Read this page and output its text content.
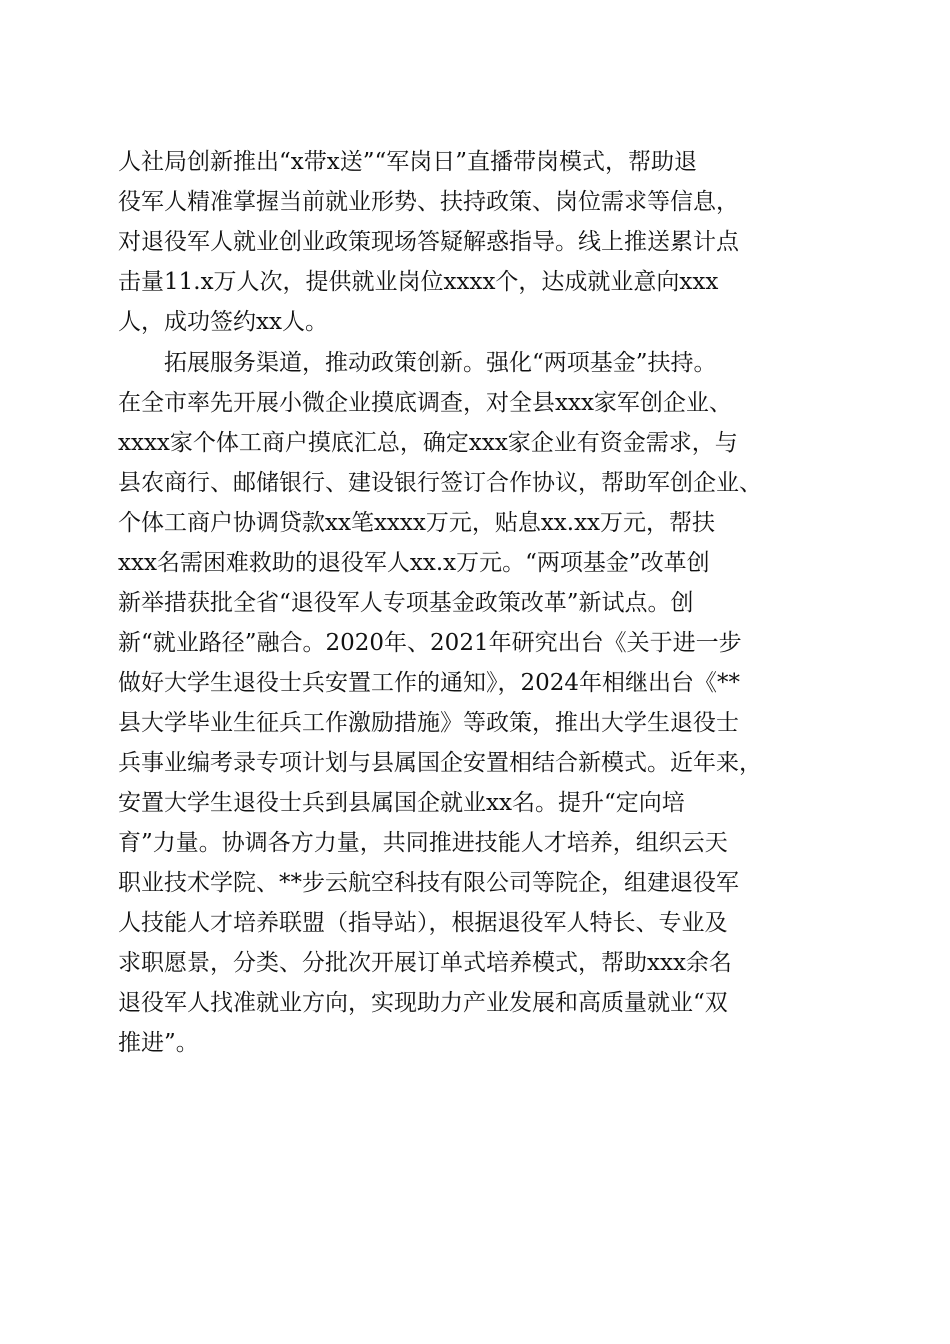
人社局创新推出“x带x送”“军岗日”直播带岗模式，帮助退
役军人精准掌握当前就业形势、扶持政策、岗位需求等信息，
对退役军人就业创业政策现场答疑解惑指导。线上推送累计点
击量11.x万人次，提供就业岗位xxxx个，达成就业意向xxx
人，成功签约xx人。
拓展服务渠道，推动政策创新。强化“两项基金”扶持。
在全市率先开展小微企业摸底调查，对全县xxx家军创企业、
xxxx家个体工商户摸底汇总，确定xxx家企业有资金需求，与
县农商行、邮储银行、建设银行签订合作协议，帮助军创企业、
个体工商户协调贷款xx笔xxxx万元，贴息xx.xx万元，帮扶
xxx名需困难救助的退役军人xx.x万元。“两项基金”改革创
新举措获批全省“退役军人专项基金政策改革”新试点。创
新“就业路径”融合。2020年、2021年研究出台《关于进一步
做好大学生退役士兵安置工作的通知》，2024年相继出台《**
县大学毕业生征兵工作激励措施》等政策，推出大学生退役士
兵事业编考录专项计划与县属国企安置相结合新模式。近年来，
安置大学生退役士兵到县属国企就业xx名。提升“定向培
育”力量。协调各方力量，共同推进技能人才培养，组织云天
职业技术学院、**步云航空科技有限公司等院企，组建退役军
人技能人才培养联盟（指导站），根据退役军人特长、专业及
求职愿景，分类、分批次开展订单式培养模式，帮助xxx余名
退役军人找准就业方向，实现助力产业发展和高质量就业“双
推进”。
